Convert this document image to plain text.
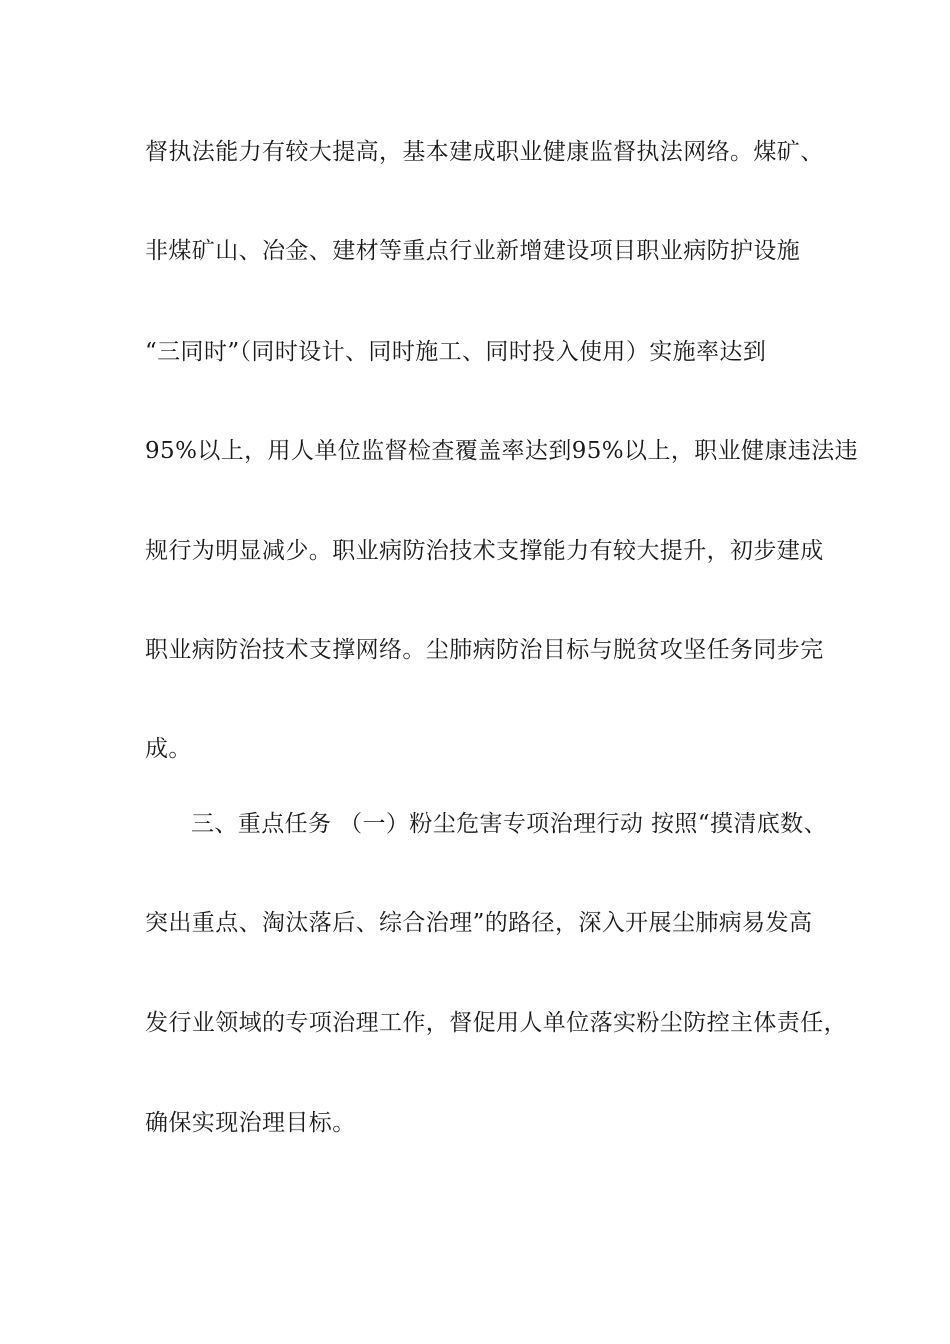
督执法能力有较大提高，基本建成职业健康监督执法网络。煤矿、
非煤矿山、冶金、建材等重点行业新增建设项目职业病防护设施
“三同时”（同时设计、同时施工、同时投入使用）实施率达到
95%以上，用人单位监督检查覆盖率达到95%以上，职业健康违法违
规行为明显减少。职业病防治技术支撑能力有较大提升，初步建成
职业病防治技术支撑网络。尘肺病防治目标与脱贫攻坚任务同步完
成。
三、重点任务 （一）粉尘危害专项治理行动 按照“摸清底数、
突出重点、淘汰落后、综合治理”的路径，深入开展尘肺病易发高
发行业领域的专项治理工作，督促用人单位落实粉尘防控主体责任，
确保实现治理目标。
